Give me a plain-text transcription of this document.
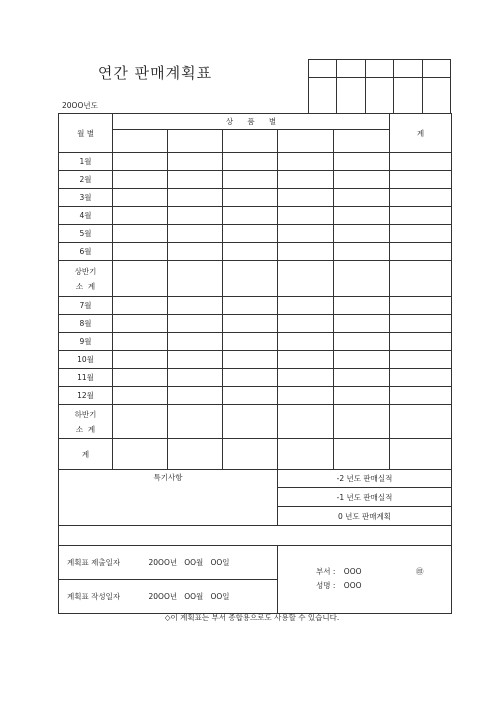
연간 판매계획표
20OO년도

월 별	상      품      별					계

1월						
2월						
3월						
4월						
5월						
6월						

상반기
소  계						

7월						
8월						
9월						
10월						
11월						
12월						

하반기
소  계						

계						

특기사항				-2 년도 판매실적		
				-1 년도 판매실적		
				0 년도 판매계획		

계획표 제출일자 20OO년   OO월   OO일				부서 : OOO ㊞
성명 : OOO		

계획표 작성일자 20OO년   OO월   OO일						
◇이 계획표는 부서 종합용으로도 사용할 수 있습니다.
